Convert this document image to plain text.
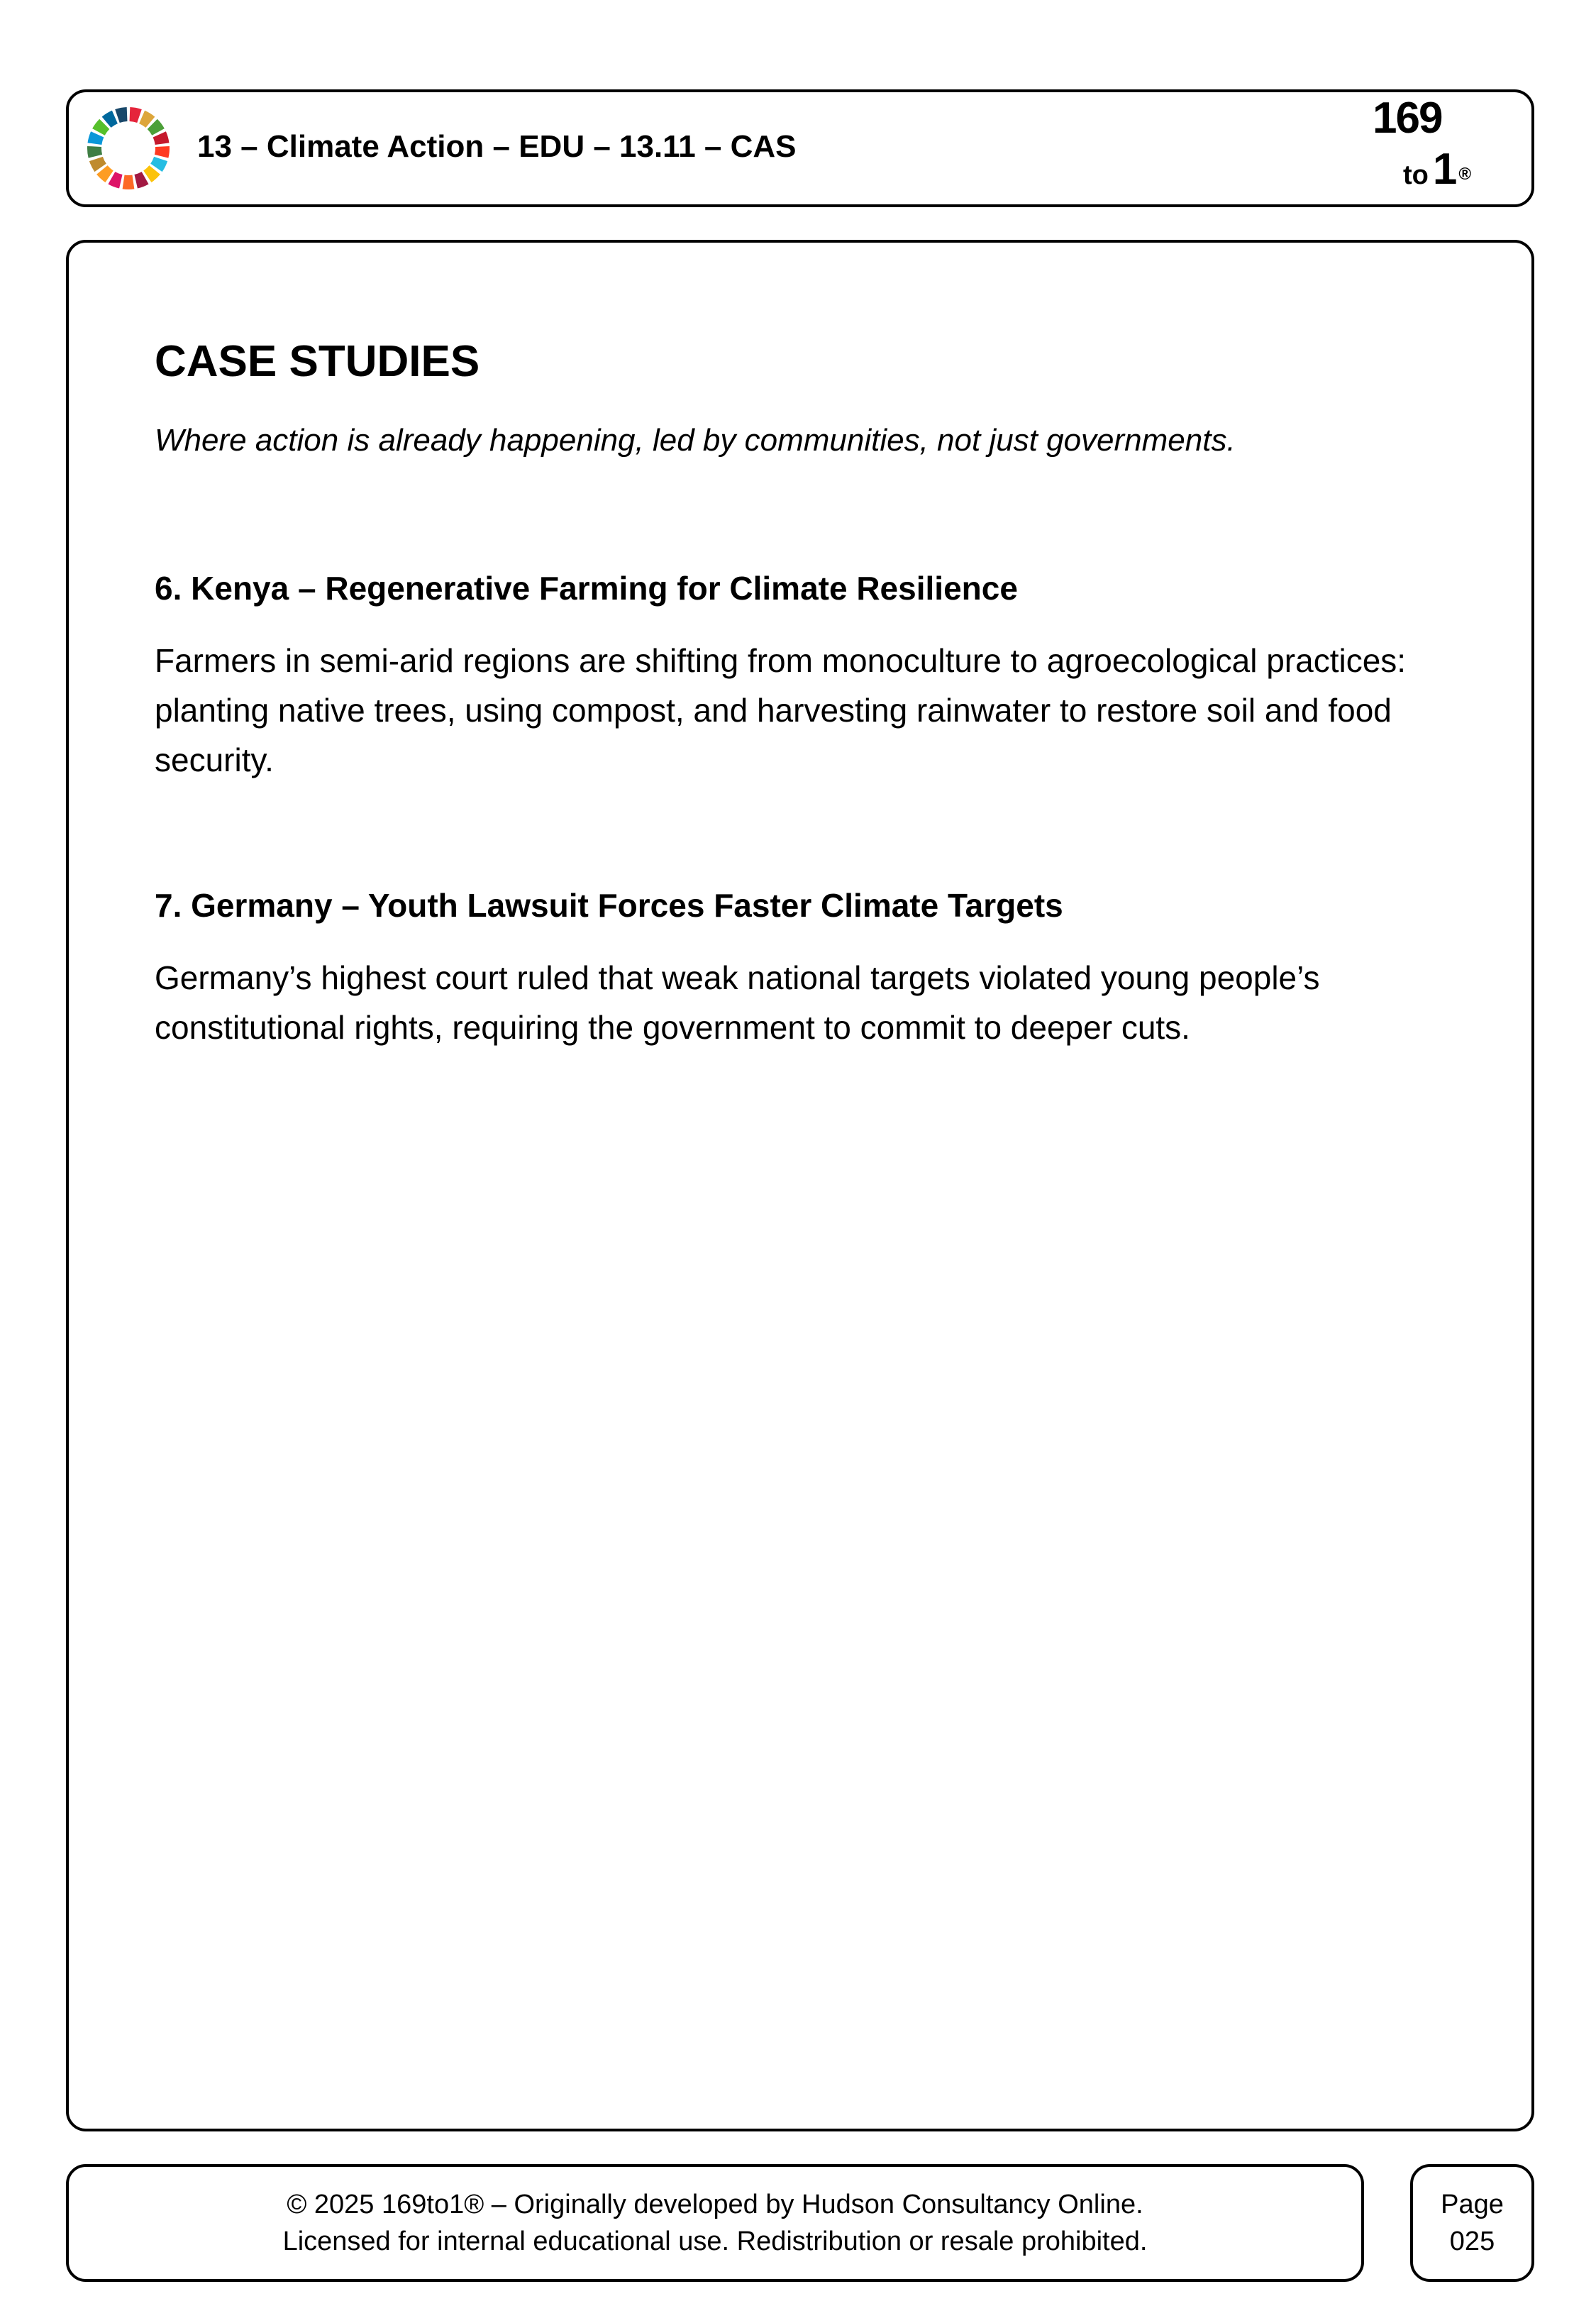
13 – Climate Action – EDU – 13.11 – CAS
169
to1®
CASE STUDIES
Where action is already happening, led by communities, not just governments.
6. Kenya – Regenerative Farming for Climate Resilience
Farmers in semi-arid regions are shifting from monoculture to agroecological practices: planting native trees, using compost, and harvesting rainwater to restore soil and food security.
7. Germany – Youth Lawsuit Forces Faster Climate Targets
Germany’s highest court ruled that weak national targets violated young people’s constitutional rights, requiring the government to commit to deeper cuts.
© 2025 169to1® – Originally developed by Hudson Consultancy Online.
Licensed for internal educational use. Redistribution or resale prohibited.
Page
025
